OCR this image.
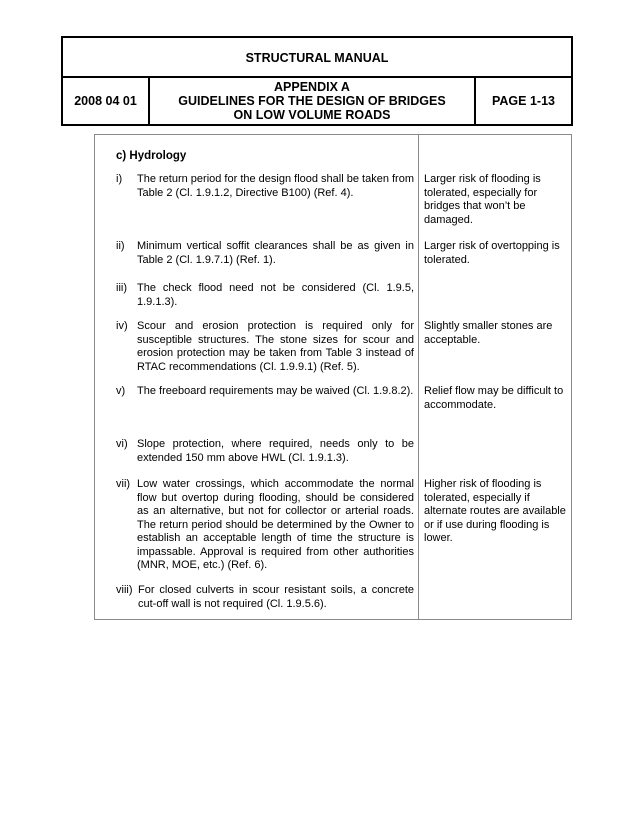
STRUCTURAL MANUAL
2008 04 01
APPENDIX A
GUIDELINES FOR THE DESIGN OF BRIDGES
ON LOW VOLUME ROADS
PAGE 1-13
c) Hydrology
i) The return period for the design flood shall be taken from Table 2 (Cl. 1.9.1.2, Directive B100) (Ref. 4).
ii) Minimum vertical soffit clearances shall be as given in Table 2 (Cl. 1.9.7.1) (Ref. 1).
iii) The check flood need not be considered (Cl. 1.9.5, 1.9.1.3).
iv) Scour and erosion protection is required only for susceptible structures. The stone sizes for scour and erosion protection may be taken from Table 3 instead of RTAC recommendations (Cl. 1.9.9.1) (Ref. 5).
v) The freeboard requirements may be waived (Cl. 1.9.8.2).
vi) Slope protection, where required, needs only to be extended 150 mm above HWL (Cl. 1.9.1.3).
vii) Low water crossings, which accommodate the normal flow but overtop during flooding, should be considered as an alternative, but not for collector or arterial roads. The return period should be determined by the Owner to establish an acceptable length of time the structure is impassable. Approval is required from other authorities (MNR, MOE, etc.) (Ref. 6).
viii) For closed culverts in scour resistant soils, a concrete cut-off wall is not required (Cl. 1.9.5.6).
Larger risk of flooding is tolerated, especially for bridges that won’t be damaged.
Larger risk of overtopping is tolerated.
Slightly smaller stones are acceptable.
Relief flow may be difficult to accommodate.
Higher risk of flooding is tolerated, especially if alternate routes are available or if use during flooding is lower.
